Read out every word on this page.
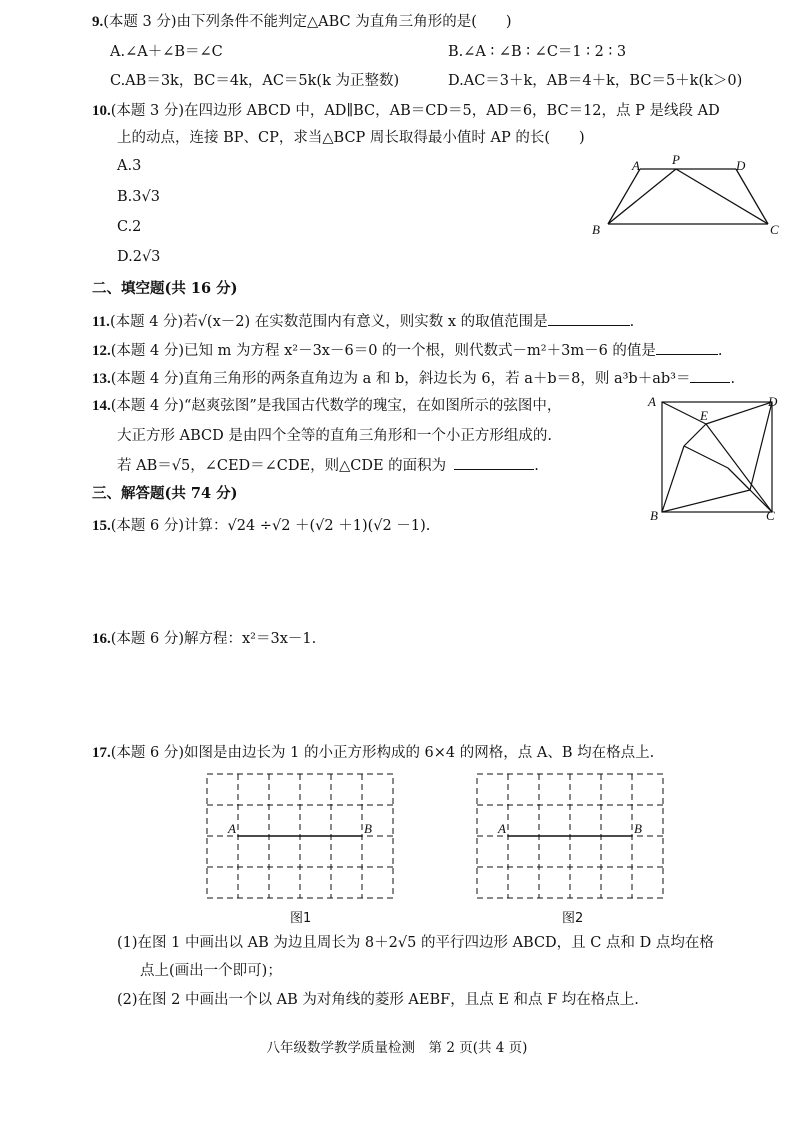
9.(本题 3 分)由下列条件不能判定△ABC 为直角三角形的是(　　)
A.∠A＋∠B＝∠C	B.∠A ∶ ∠B ∶ ∠C＝1 ∶ 2 ∶ 3
C.AB＝3k，BC＝4k，AC＝5k(k 为正整数)	D.AC＝3＋k，AB＝4＋k，BC＝5＋k(k＞0)
10.(本题 3 分)在四边形 ABCD 中，AD∥BC，AB＝CD＝5，AD＝6，BC＝12，点 P 是线段 AD
上的动点，连接 BP、CP，求当△BCP 周长取得最小值时 AP 的长(　　)
A.3
B.3√3
C.2
D.2√3
A P	D
B	C
二、填空题(共 16 分)
11.(本题 4 分)若√(x－2) 在实数范围内有意义，则实数 x 的取值范围是	.
12.(本题 4 分)已知 m 为方程 x²－3x－6＝0 的一个根，则代数式－m²＋3m－6 的值是	.
13.(本题 4 分)直角三角形的两条直角边为 a 和 b，斜边长为 6，若 a＋b＝8，则 a³b＋ab³＝	.
14.(本题 4 分)“赵爽弦图”是我国古代数学的瑰宝，在如图所示的弦图中，
大正方形 ABCD 是由四个全等的直角三角形和一个小正方形组成的.
若 AB＝√5，∠CED＝∠CDE，则△CDE 的面积为	.
A	D
E
B	C
三、解答题(共 74 分)
15.(本题 6 分)计算：√24 ÷√2 ＋(√2 ＋1)(√2 －1).
16.(本题 6 分)解方程：x²＝3x－1.
17.(本题 6 分)如图是由边长为 1 的小正方形构成的 6×4 的网格，点 A、B 均在格点上.
A	B
图1
A	B
图2
(1)在图 1 中画出以 AB 为边且周长为 8＋2√5 的平行四边形 ABCD，且 C 点和 D 点均在格
点上(画出一个即可)；
(2)在图 2 中画出一个以 AB 为对角线的菱形 AEBF，且点 E 和点 F 均在格点上.
八年级数学教学质量检测　第 2 页(共 4 页)
